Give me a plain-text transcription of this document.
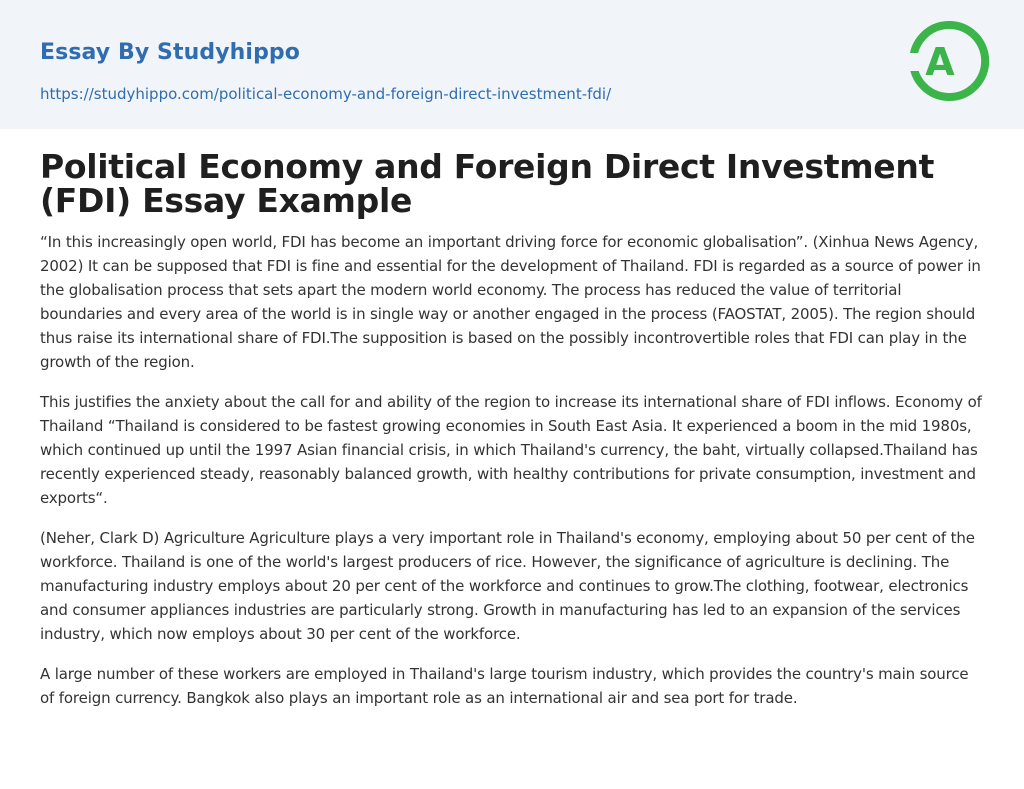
Essay By Studyhippo
https://studyhippo.com/political-economy-and-foreign-direct-investment-fdi/
A
Political Economy and Foreign Direct Investment (FDI) Essay Example

“In this increasingly open world, FDI has become an important driving force for economic globalisation”. (Xinhua News Agency, 2002) It can be supposed that FDI is fine and essential for the development of Thailand. FDI is regarded as a source of power in the globalisation process that sets apart the modern world economy. The process has reduced the value of territorial boundaries and every area of the world is in single way or another engaged in the process (FAOSTAT, 2005). The region should thus raise its international share of FDI.The supposition is based on the possibly incontrovertible roles that FDI can play in the growth of the region.

This justifies the anxiety about the call for and ability of the region to increase its international share of FDI inflows. Economy of Thailand “Thailand is considered to be fastest growing economies in South East Asia. It experienced a boom in the mid 1980s, which continued up until the 1997 Asian financial crisis, in which Thailand's currency, the baht, virtually collapsed.Thailand has recently experienced steady, reasonably balanced growth, with healthy contributions for private consumption, investment and exports“.

(Neher, Clark D) Agriculture Agriculture plays a very important role in Thailand's economy, employing about 50 per cent of the workforce. Thailand is one of the world's largest producers of rice. However, the significance of agriculture is declining. The manufacturing industry employs about 20 per cent of the workforce and continues to grow.The clothing, footwear, electronics and consumer appliances industries are particularly strong. Growth in manufacturing has led to an expansion of the services industry, which now employs about 30 per cent of the workforce.

A large number of these workers are employed in Thailand's large tourism industry, which provides the country's main source of foreign currency. Bangkok also plays an important role as an international air and sea port for trade.
